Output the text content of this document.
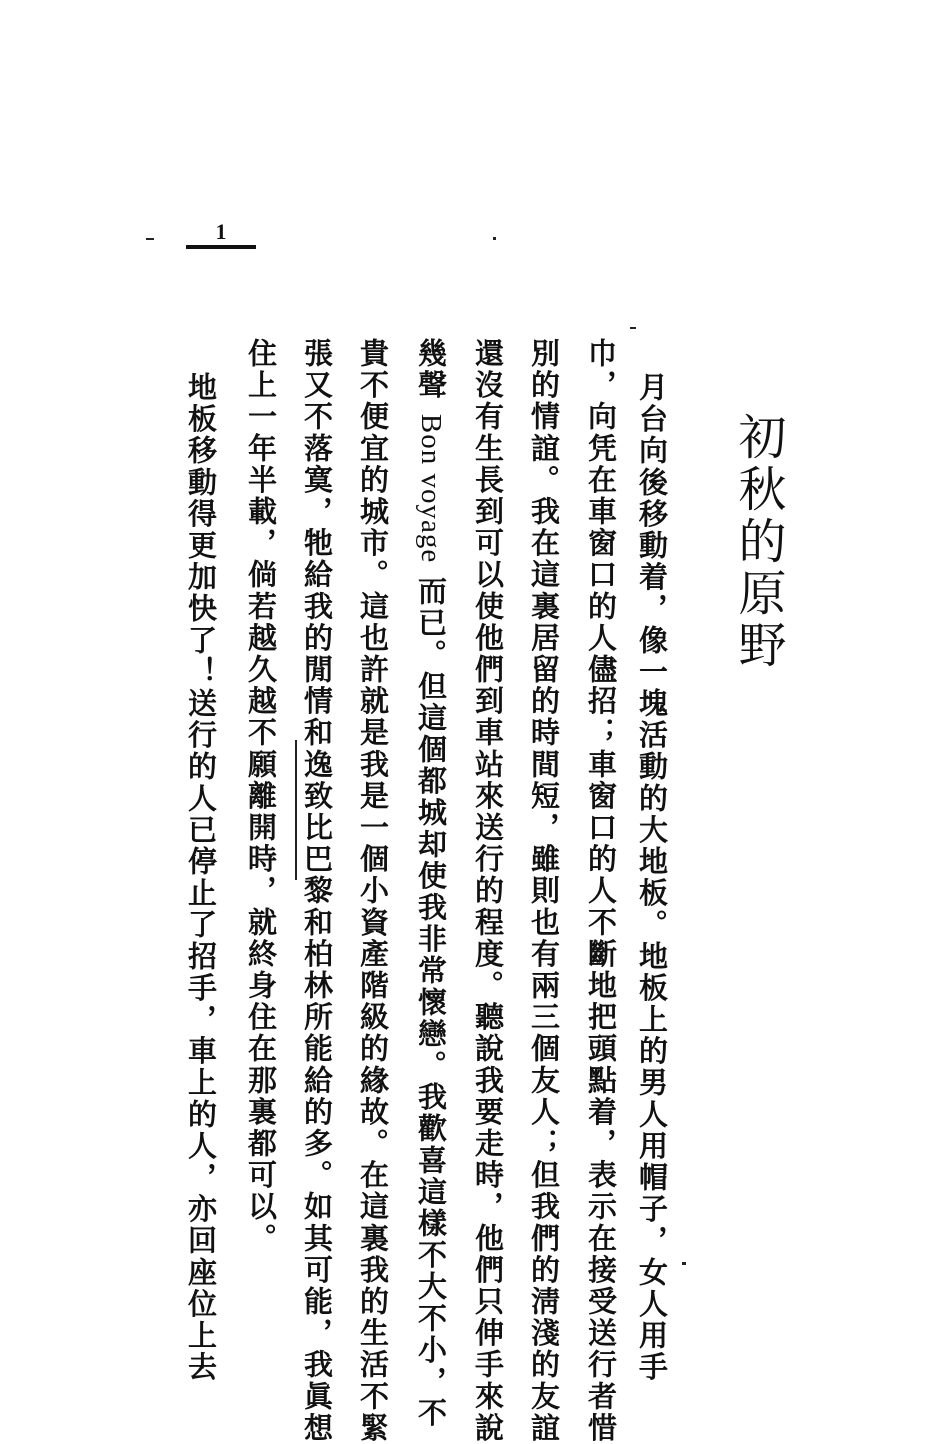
1
初秋的原野
月台向後移動着，像一塊活動的大地板。地板上的男人用帽子，女人用手
巾，向凭在車窗口的人儘招；車窗口的人不斷地把頭點着，表示在接受送行者惜
別的情誼。我在這裏居留的時間短，雖則也有兩三個友人；但我們的淸淺的友誼
還沒有生長到可以使他們到車站來送行的程度。聽說我要走時，他們只伸手來說
幾聲 Bon voyage 而已。但這個都城却使我非常懷戀。我歡喜這樣不大不小，不
貴不便宜的城市。這也許就是我是一個小資產階級的緣故。在這裏我的生活不緊
張又不落寞，牠給我的閒情和逸致比巴黎和柏林所能給的多。如其可能，我眞想
住上一年半載，倘若越久越不願離開時，就終身住在那裏都可以。
地板移動得更加快了！送行的人已停止了招手，車上的人，亦回座位上去
